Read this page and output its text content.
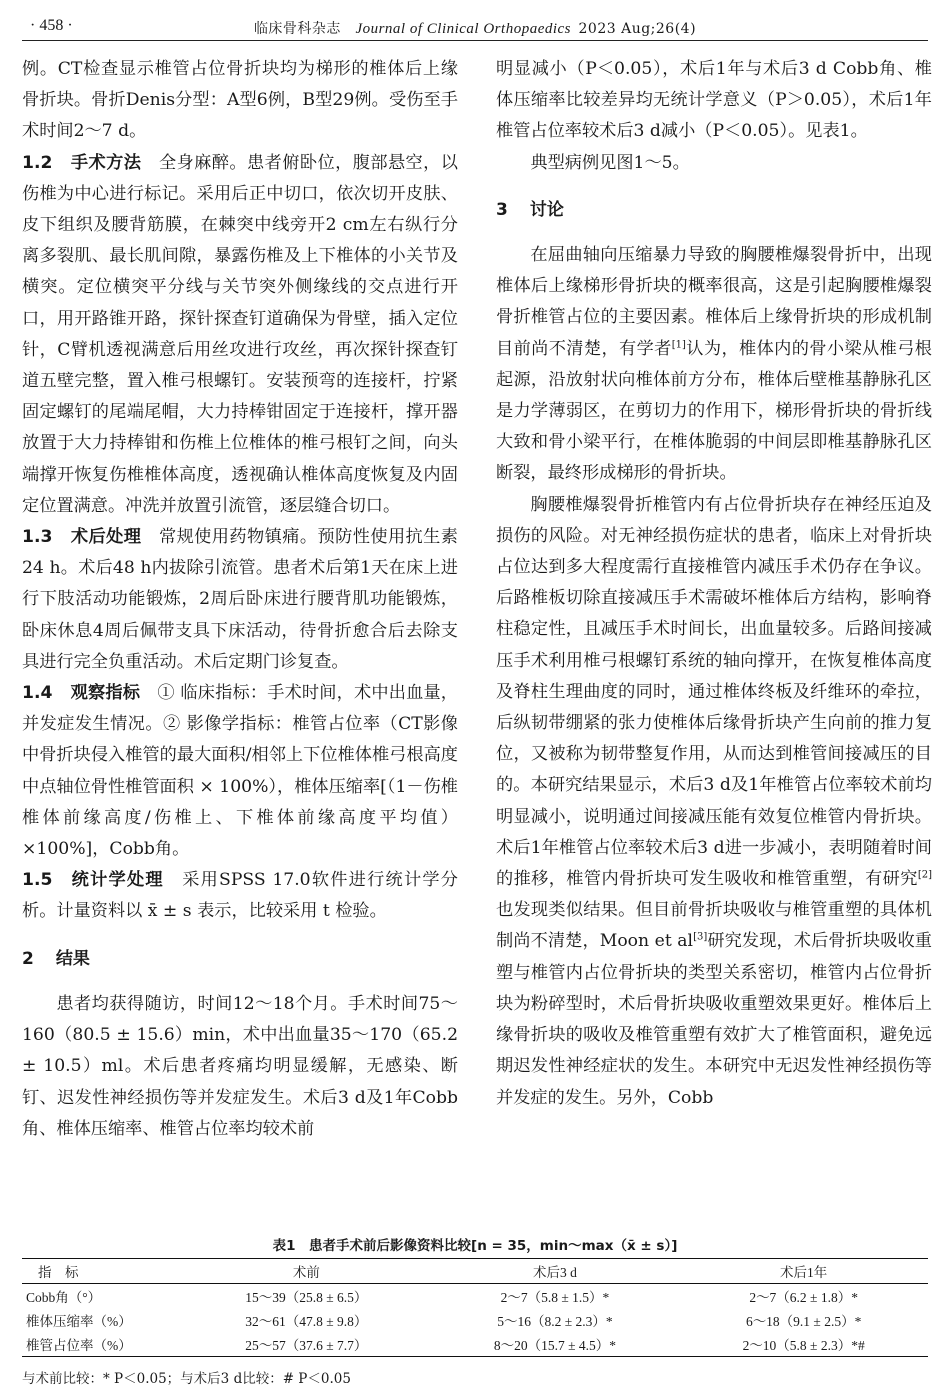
· 458 ·	临床骨科杂志  Journal of Clinical Orthopaedics  2023 Aug;26(4)

例。CT检查显示椎管占位骨折块均为梯形的椎体后上缘骨折块。骨折Denis分型：A型6例，B型29例。受伤至手术时间2～7 d。

1.2 手术方法  全身麻醉。患者俯卧位，腹部悬空，以伤椎为中心进行标记。采用后正中切口，依次切开皮肤、皮下组织及腰背筋膜，在棘突中线旁开2 cm左右纵行分离多裂肌、最长肌间隙，暴露伤椎及上下椎体的小关节及横突。定位横突平分线与关节突外侧缘线的交点进行开口，用开路锥开路，探针探查钉道确保为骨壁，插入定位针，C臂机透视满意后用丝攻进行攻丝，再次探针探查钉道五壁完整，置入椎弓根螺钉。安装预弯的连接杆，拧紧固定螺钉的尾端尾帽，大力持棒钳固定于连接杆，撑开器放置于大力持棒钳和伤椎上位椎体的椎弓根钉之间，向头端撑开恢复伤椎椎体高度，透视确认椎体高度恢复及内固定位置满意。冲洗并放置引流管，逐层缝合切口。

1.3 术后处理  常规使用药物镇痛。预防性使用抗生素24 h。术后48 h内拔除引流管。患者术后第1天在床上进行下肢活动功能锻炼，2周后卧床进行腰背肌功能锻炼，卧床休息4周后佩带支具下床活动，待骨折愈合后去除支具进行完全负重活动。术后定期门诊复查。

1.4 观察指标  ① 临床指标：手术时间，术中出血量，并发症发生情况。② 影像学指标：椎管占位率（CT影像中骨折块侵入椎管的最大面积/相邻上下位椎体椎弓根高度中点轴位骨性椎管面积 × 100%），椎体压缩率[（1－伤椎椎体前缘高度/伤椎上、下椎体前缘高度平均值）×100%]，Cobb角。

1.5 统计学处理  采用SPSS 17.0软件进行统计学分析。计量资料以 x̄ ± s 表示，比较采用 t 检验。

2 结果

患者均获得随访，时间12～18个月。手术时间75～160（80.5 ± 15.6）min，术中出血量35～170（65.2 ± 10.5）ml。术后患者疼痛均明显缓解，无感染、断钉、迟发性神经损伤等并发症发生。术后3 d及1年Cobb角、椎体压缩率、椎管占位率均较术前

明显减小（P＜0.05），术后1年与术后3 d Cobb角、椎体压缩率比较差异均无统计学意义（P＞0.05），术后1年椎管占位率较术后3 d减小（P＜0.05）。见表1。

典型病例见图1～5。

3 讨论

在屈曲轴向压缩暴力导致的胸腰椎爆裂骨折中，出现椎体后上缘梯形骨折块的概率很高，这是引起胸腰椎爆裂骨折椎管占位的主要因素。椎体后上缘骨折块的形成机制目前尚不清楚，有学者[1]认为，椎体内的骨小梁从椎弓根起源，沿放射状向椎体前方分布，椎体后壁椎基静脉孔区是力学薄弱区，在剪切力的作用下，梯形骨折块的骨折线大致和骨小梁平行，在椎体脆弱的中间层即椎基静脉孔区断裂，最终形成梯形的骨折块。

胸腰椎爆裂骨折椎管内有占位骨折块存在神经压迫及损伤的风险。对无神经损伤症状的患者，临床上对骨折块占位达到多大程度需行直接椎管内减压手术仍存在争议。后路椎板切除直接减压手术需破坏椎体后方结构，影响脊柱稳定性，且减压手术时间长，出血量较多。后路间接减压手术利用椎弓根螺钉系统的轴向撑开，在恢复椎体高度及脊柱生理曲度的同时，通过椎体终板及纤维环的牵拉，后纵韧带绷紧的张力使椎体后缘骨折块产生向前的推力复位，又被称为韧带整复作用，从而达到椎管间接减压的目的。本研究结果显示，术后3 d及1年椎管占位率较术前均明显减小，说明通过间接减压能有效复位椎管内骨折块。术后1年椎管占位率较术后3 d进一步减小，表明随着时间的推移，椎管内骨折块可发生吸收和椎管重塑，有研究[2]也发现类似结果。但目前骨折块吸收与椎管重塑的具体机制尚不清楚，Moon et al[3]研究发现，术后骨折块吸收重塑与椎管内占位骨折块的类型关系密切，椎管内占位骨折块为粉碎型时，术后骨折块吸收重塑效果更好。椎体后上缘骨折块的吸收及椎管重塑有效扩大了椎管面积，避免远期迟发性神经症状的发生。本研究中无迟发性神经损伤等并发症的发生。另外，Cobb

表1  患者手术前后影像资料比较[n = 35，min～max（x̄ ± s）]
指　标	术前	术后3 d	术后1年
Cobb角（°）	15～39（25.8 ± 6.5）	2～7（5.8 ± 1.5）*	2～7（6.2 ± 1.8）*
椎体压缩率（%）	32～61（47.8 ± 9.8）	5～16（8.2 ± 2.3）*	6～18（9.1 ± 2.5）*
椎管占位率（%）	25～57（37.6 ± 7.7）	8～20（15.7 ± 4.5）*	2～10（5.8 ± 2.3）*#
与术前比较：* P＜0.05；与术后3 d比较：# P＜0.05
